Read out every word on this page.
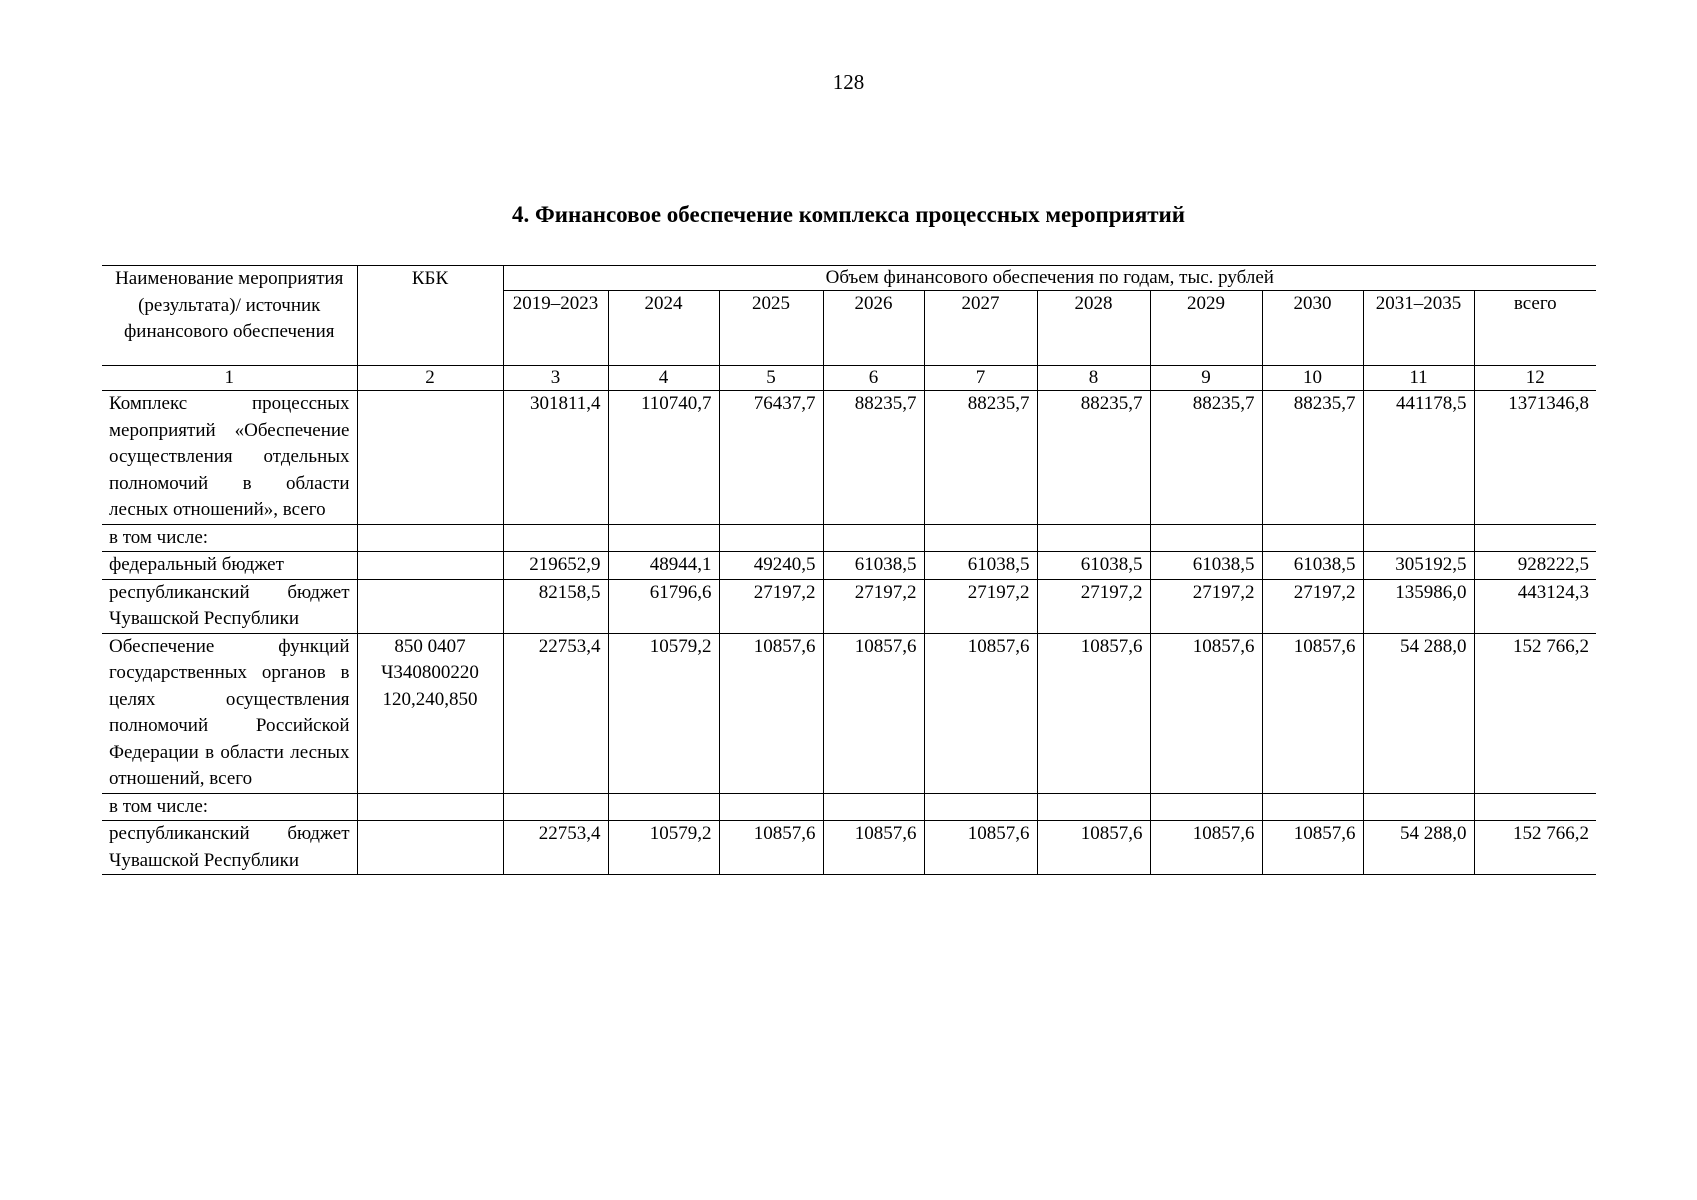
128
4. Финансовое обеспечение комплекса процессных мероприятий
Наименование мероприятия (результата)/ источник финансового обеспечения	КБК	Объем финансового обеспечения по годам, тыс. рублей									
		2019–2023	2024	2025	2026	2027	2028	2029	2030	2031–2035	всего
1	2	3	4	5	6	7	8	9	10	11	12
Комплекс процессных мероприятий «Обеспечение осуществления отдельных полномочий в области лесных отношений», всего		301811,4	110740,7	76437,7	88235,7	88235,7	88235,7	88235,7	88235,7	441178,5	1371346,8
в том числе:											
федеральный бюджет		219652,9	48944,1	49240,5	61038,5	61038,5	61038,5	61038,5	61038,5	305192,5	928222,5
республиканский бюджет Чувашской Республики		82158,5	61796,6	27197,2	27197,2	27197,2	27197,2	27197,2	27197,2	135986,0	443124,3
Обеспечение функций государственных органов в целях осуществления полномочий Российской Федерации в области лесных отношений, всего	850 0407 Ч340800220 120,240,850	22753,4	10579,2	10857,6	10857,6	10857,6	10857,6	10857,6	10857,6	54 288,0	152 766,2
в том числе:											
республиканский бюджет Чувашской Республики		22753,4	10579,2	10857,6	10857,6	10857,6	10857,6	10857,6	10857,6	54 288,0	152 766,2
